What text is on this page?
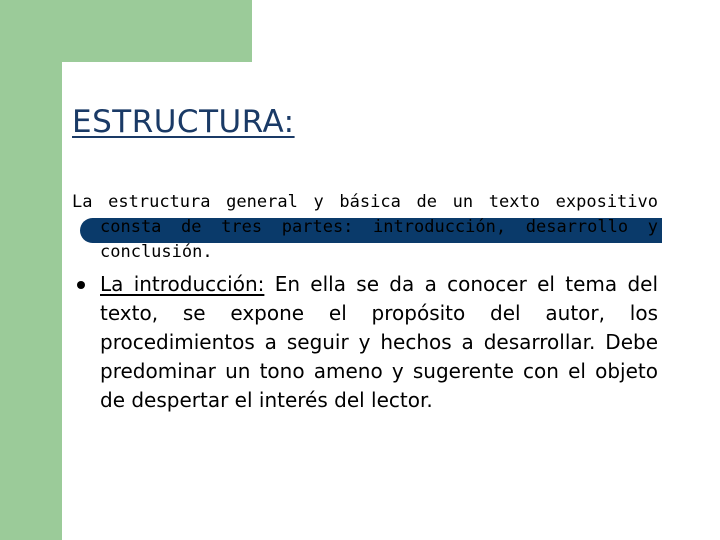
ESTRUCTURA:

La estructura general y básica de un texto expositivo consta de tres partes: introducción, desarrollo y conclusión.

La introducción: En ella se da a conocer el tema del texto, se expone el propósito del autor, los procedimientos a seguir y hechos a desarrollar. Debe predominar un tono ameno y sugerente con el objeto de despertar el interés del lector.
